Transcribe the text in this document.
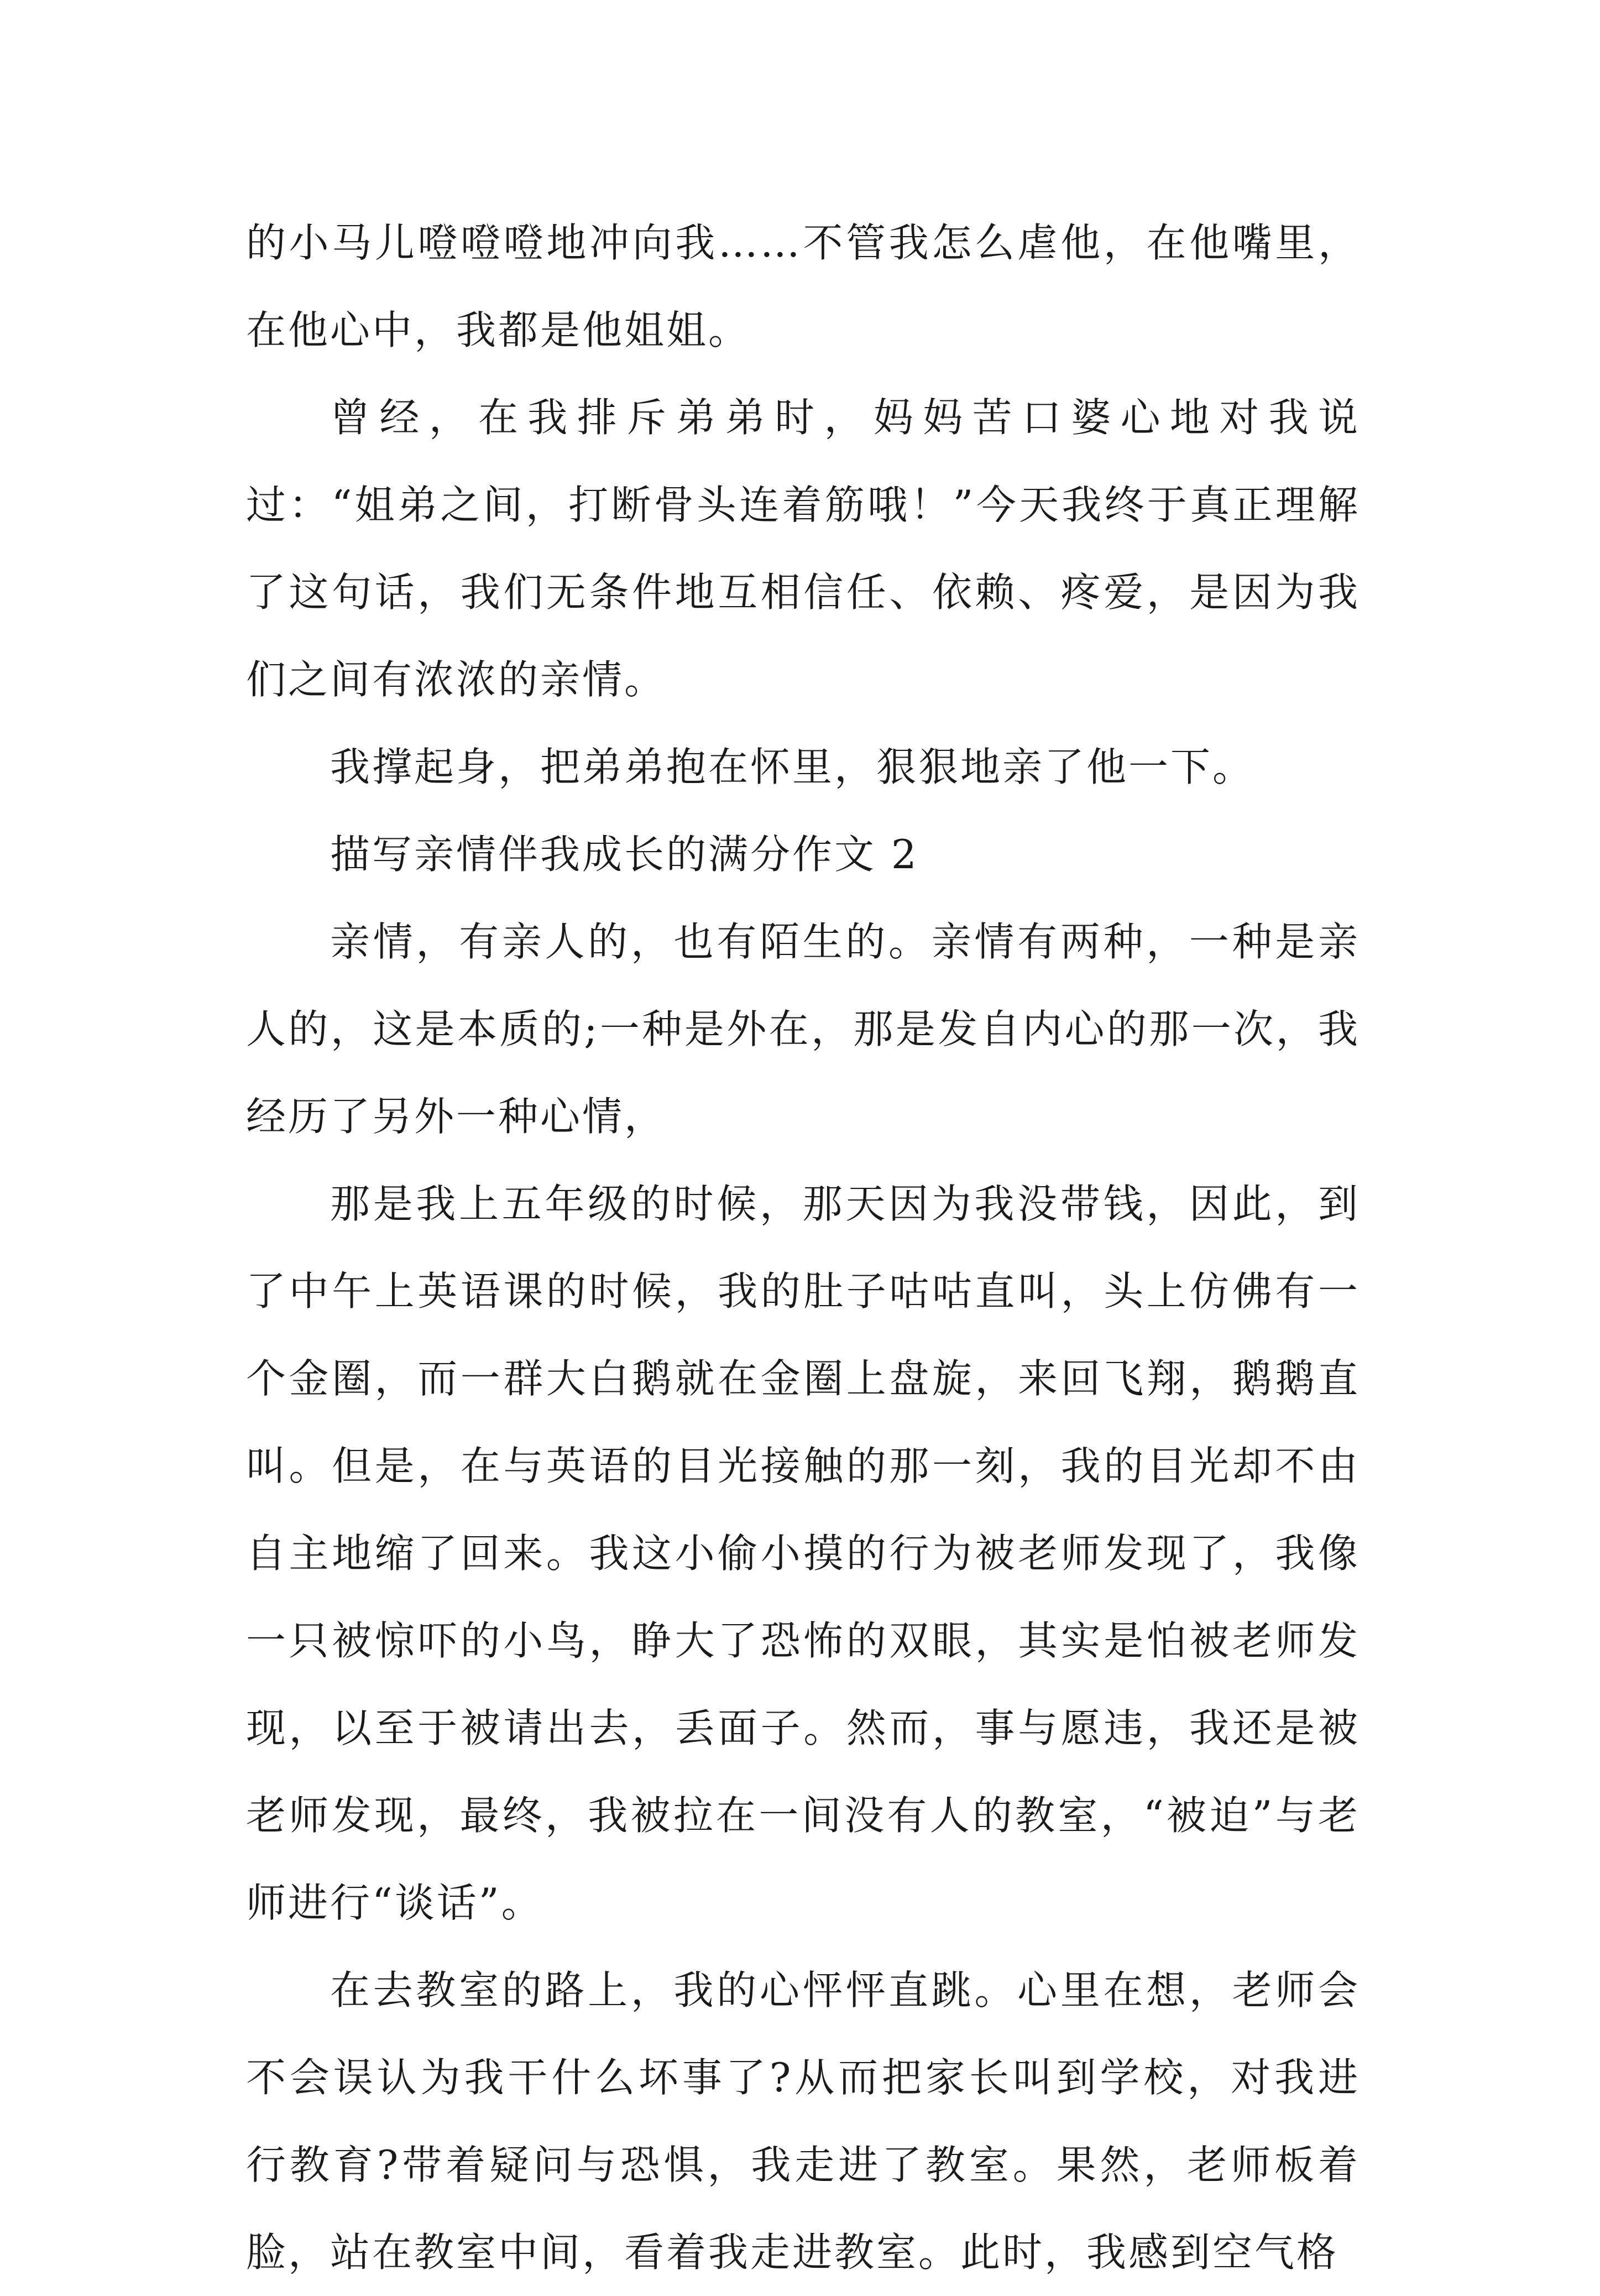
的小马儿噔噔噔地冲向我……不管我怎么虐他，在他嘴里，在他心中，我都是他姐姐。

曾经，在我排斥弟弟时，妈妈苦口婆心地对我说过：“姐弟之间，打断骨头连着筋哦！”今天我终于真正理解了这句话，我们无条件地互相信任、依赖、疼爱，是因为我们之间有浓浓的亲情。

我撑起身，把弟弟抱在怀里，狠狠地亲了他一下。

描写亲情伴我成长的满分作文 2

亲情，有亲人的，也有陌生的。亲情有两种，一种是亲人的，这是本质的;一种是外在，那是发自内心的那一次，我经历了另外一种心情，

那是我上五年级的时候，那天因为我没带钱，因此，到了中午上英语课的时候，我的肚子咕咕直叫，头上仿佛有一个金圈，而一群大白鹅就在金圈上盘旋，来回飞翔，鹅鹅直叫。但是，在与英语的目光接触的那一刻，我的目光却不由自主地缩了回来。我这小偷小摸的行为被老师发现了，我像一只被惊吓的小鸟，睁大了恐怖的双眼，其实是怕被老师发现，以至于被请出去，丢面子。然而，事与愿违，我还是被老师发现，最终，我被拉在一间没有人的教室，“被迫”与老师进行“谈话”。

在去教室的路上，我的心怦怦直跳。心里在想，老师会不会误认为我干什么坏事了?从而把家长叫到学校，对我进行教育?带着疑问与恐惧，我走进了教室。果然，老师板着脸，站在教室中间，看着我走进教室。此时，我感到空气格
